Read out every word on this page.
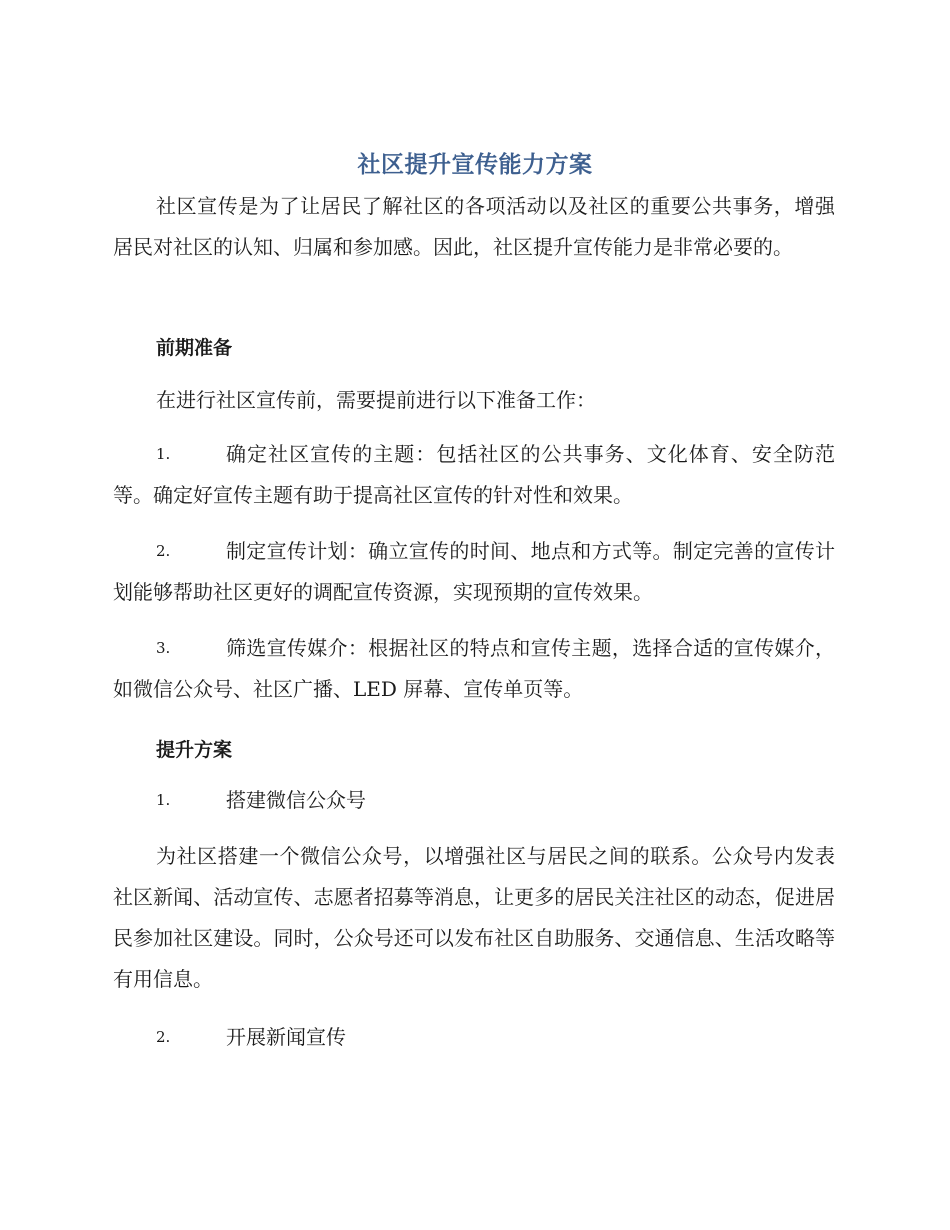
社区提升宣传能力方案
社区宣传是为了让居民了解社区的各项活动以及社区的重要公共事务，增强居民对社区的认知、归属和参加感。因此，社区提升宣传能力是非常必要的。
前期准备
在进行社区宣传前，需要提前进行以下准备工作：
1.	确定社区宣传的主题：包括社区的公共事务、文化体育、安全防范等。确定好宣传主题有助于提高社区宣传的针对性和效果。
2.	制定宣传计划：确立宣传的时间、地点和方式等。制定完善的宣传计划能够帮助社区更好的调配宣传资源，实现预期的宣传效果。
3.	筛选宣传媒介：根据社区的特点和宣传主题，选择合适的宣传媒介，如微信公众号、社区广播、LED 屏幕、宣传单页等。
提升方案
1.	搭建微信公众号
为社区搭建一个微信公众号，以增强社区与居民之间的联系。公众号内发表社区新闻、活动宣传、志愿者招募等消息，让更多的居民关注社区的动态，促进居民参加社区建设。同时，公众号还可以发布社区自助服务、交通信息、生活攻略等有用信息。
2.	开展新闻宣传
